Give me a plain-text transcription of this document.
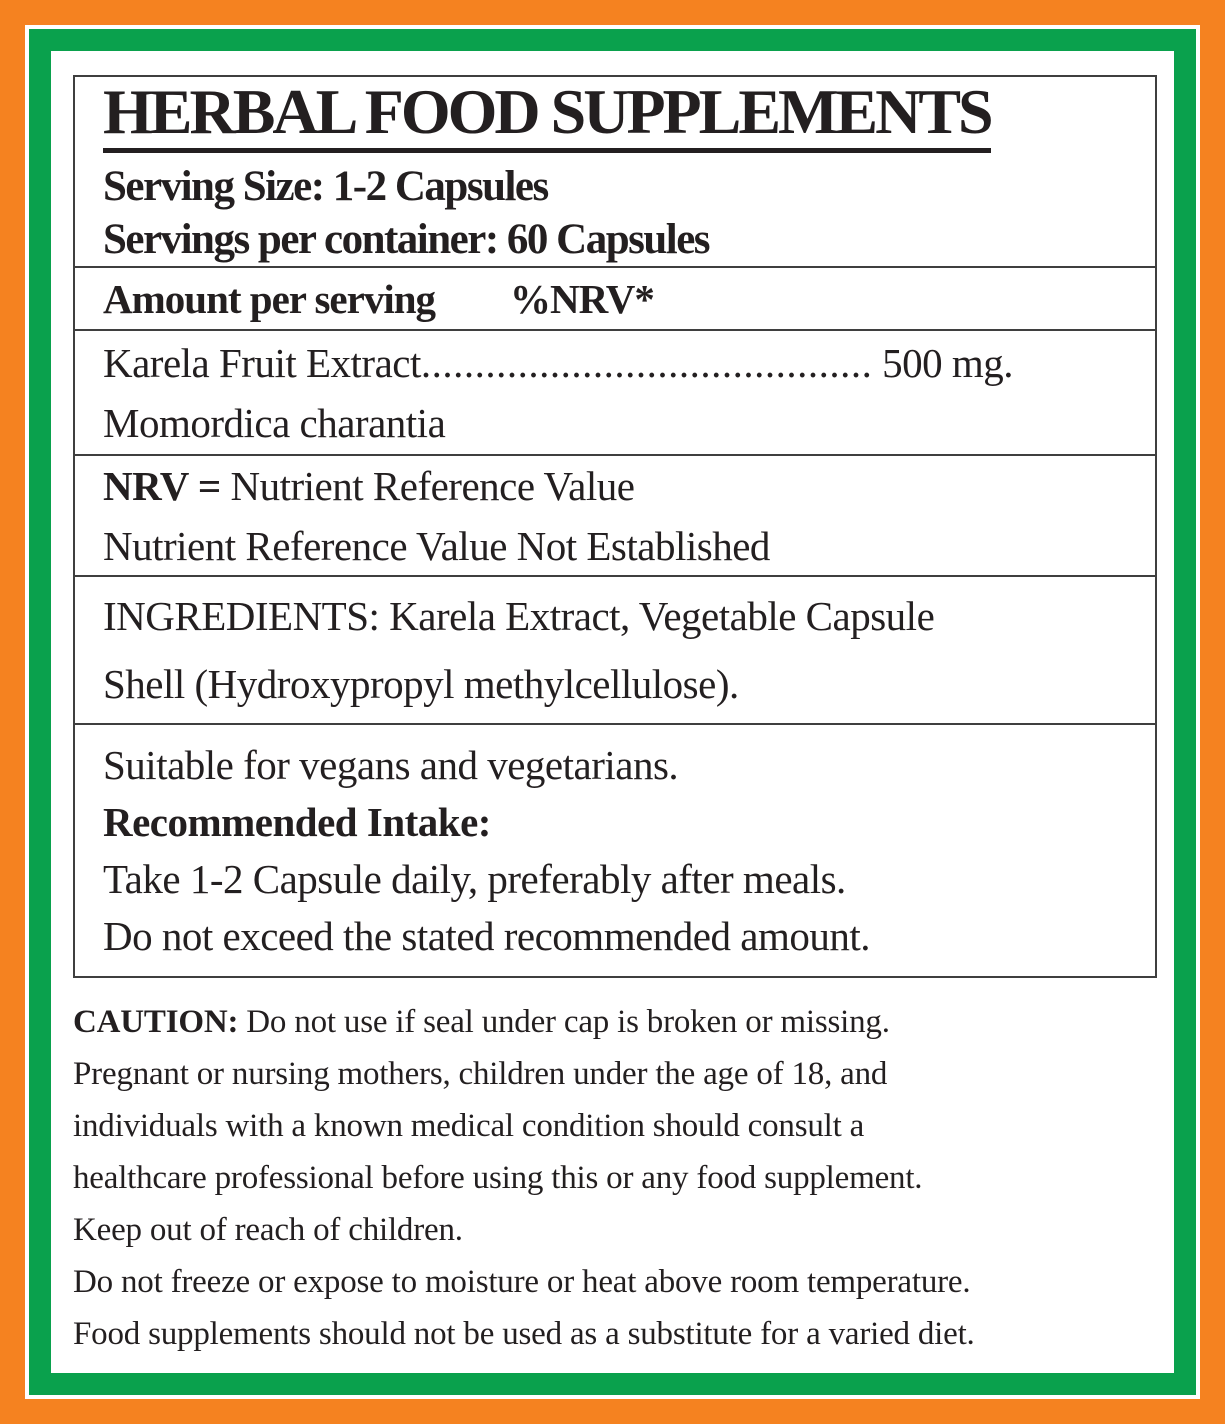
HERBAL FOOD SUPPLEMENTS
Serving Size: 1-2 Capsules
Servings per container: 60 Capsules
Amount per serving %NRV*
Karela Fruit Extract.......................................... 500 mg.
Momordica charantia
NRV = Nutrient Reference Value
Nutrient Reference Value Not Established
INGREDIENTS: Karela Extract, Vegetable Capsule
Shell (Hydroxypropyl methylcellulose).
Suitable for vegans and vegetarians.
Recommended Intake:
Take 1-2 Capsule daily, preferably after meals.
Do not exceed the stated recommended amount.
CAUTION: Do not use if seal under cap is broken or missing.
Pregnant or nursing mothers, children under the age of 18, and
individuals with a known medical condition should consult a
healthcare professional before using this or any food supplement.
Keep out of reach of children.
Do not freeze or expose to moisture or heat above room temperature.
Food supplements should not be used as a substitute for a varied diet.
